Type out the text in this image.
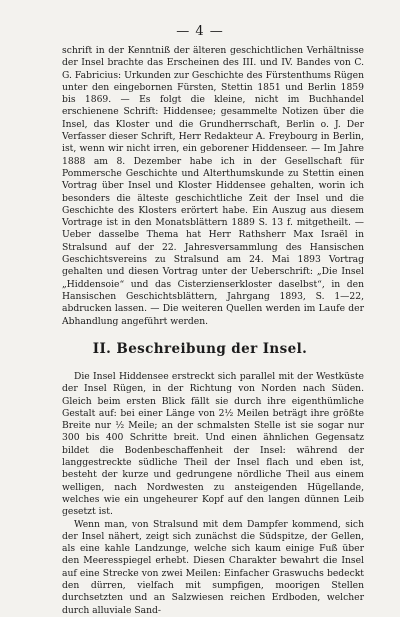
— 4 —

schrift in der Kenntniß der älteren geschichtlichen Verhältnisse der Insel brachte das Erscheinen des III. und IV. Bandes von C. G. Fabricius: Urkunden zur Geschichte des Fürstenthums Rügen unter den eingebornen Fürsten, Stettin 1851 und Berlin 1859 bis 1869. — Es folgt die kleine, nicht im Buchhandel erschienene Schrift: Hiddensee; gesammelte Notizen über die Insel, das Kloster und die Grundherrschaft, Berlin o. J. Der Verfasser dieser Schrift, Herr Redakteur A. Freybourg in Berlin, ist, wenn wir nicht irren, ein geborener Hiddenseer. — Im Jahre 1888 am 8. Dezember habe ich in der Gesellschaft für Pommersche Geschichte und Alterthumskunde zu Stettin einen Vortrag über Insel und Kloster Hiddensee gehalten, worin ich besonders die älteste geschichtliche Zeit der Insel und die Geschichte des Klosters erörtert habe. Ein Auszug aus diesem Vortrage ist in den Monatsblättern 1889 S. 13 f. mitgetheilt. — Ueber dasselbe Thema hat Herr Rathsherr Max Israël in Stralsund auf der 22. Jahresversammlung des Hansischen Geschichtsvereins zu Stralsund am 24. Mai 1893 Vortrag gehalten und diesen Vortrag unter der Ueberschrift: „Die Insel „Hiddensoie“ und das Cisterzienserkloster daselbst“, in den Hansischen Geschichtsblättern, Jahrgang 1893, S. 1—22, abdrucken lassen. — Die weiteren Quellen werden im Laufe der Abhandlung angeführt werden.

II. Beschreibung der Insel.

Die Insel Hiddensee erstreckt sich parallel mit der Westküste der Insel Rügen, in der Richtung von Norden nach Süden. Gleich beim ersten Blick fällt sie durch ihre eigenthümliche Gestalt auf: bei einer Länge von 2½ Meilen beträgt ihre größte Breite nur ½ Meile; an der schmalsten Stelle ist sie sogar nur 300 bis 400 Schritte breit. Und einen ähnlichen Gegensatz bildet die Bodenbeschaffenheit der Insel: während der langgestreckte südliche Theil der Insel flach und eben ist, besteht der kurze und gedrungene nördliche Theil aus einem welligen, nach Nordwesten zu ansteigenden Hügellande, welches wie ein ungeheurer Kopf auf den langen dünnen Leib gesetzt ist.

Wenn man, von Stralsund mit dem Dampfer kommend, sich der Insel nähert, zeigt sich zunächst die Südspitze, der Gellen, als eine kahle Landzunge, welche sich kaum einige Fuß über den Meeresspiegel erhebt. Diesen Charakter bewahrt die Insel auf eine Strecke von zwei Meilen: Einfacher Graswuchs bedeckt den dürren, vielfach mit sumpfigen, moorigen Stellen durchsetzten und an Salzwiesen reichen Erdboden, welcher durch alluviale Sand-
